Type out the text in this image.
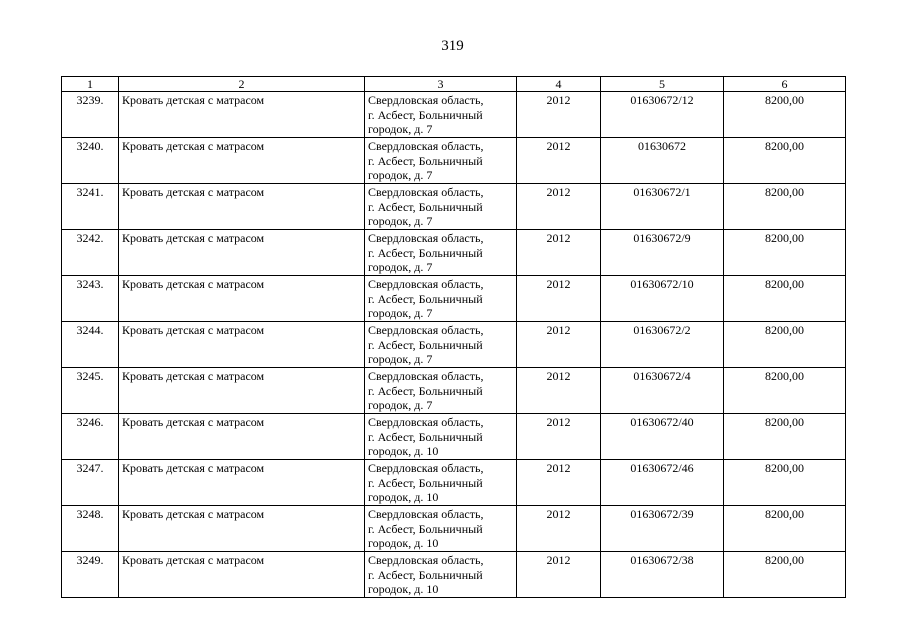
319
1	2	3	4	5	6
3239.	Кровать детская с матрасом	Свердловская область,
г. Асбест, Больничный
городок, д. 7	2012	01630672/12	8200,00
3240.	Кровать детская с матрасом	Свердловская область,
г. Асбест, Больничный
городок, д. 7	2012	01630672	8200,00
3241.	Кровать детская с матрасом	Свердловская область,
г. Асбест, Больничный
городок, д. 7	2012	01630672/1	8200,00
3242.	Кровать детская с матрасом	Свердловская область,
г. Асбест, Больничный
городок, д. 7	2012	01630672/9	8200,00
3243.	Кровать детская с матрасом	Свердловская область,
г. Асбест, Больничный
городок, д. 7	2012	01630672/10	8200,00
3244.	Кровать детская с матрасом	Свердловская область,
г. Асбест, Больничный
городок, д. 7	2012	01630672/2	8200,00
3245.	Кровать детская с матрасом	Свердловская область,
г. Асбест, Больничный
городок, д. 7	2012	01630672/4	8200,00
3246.	Кровать детская с матрасом	Свердловская область,
г. Асбест, Больничный
городок, д. 10	2012	01630672/40	8200,00
3247.	Кровать детская с матрасом	Свердловская область,
г. Асбест, Больничный
городок, д. 10	2012	01630672/46	8200,00
3248.	Кровать детская с матрасом	Свердловская область,
г. Асбест, Больничный
городок, д. 10	2012	01630672/39	8200,00
3249.	Кровать детская с матрасом	Свердловская область,
г. Асбест, Больничный
городок, д. 10	2012	01630672/38	8200,00
